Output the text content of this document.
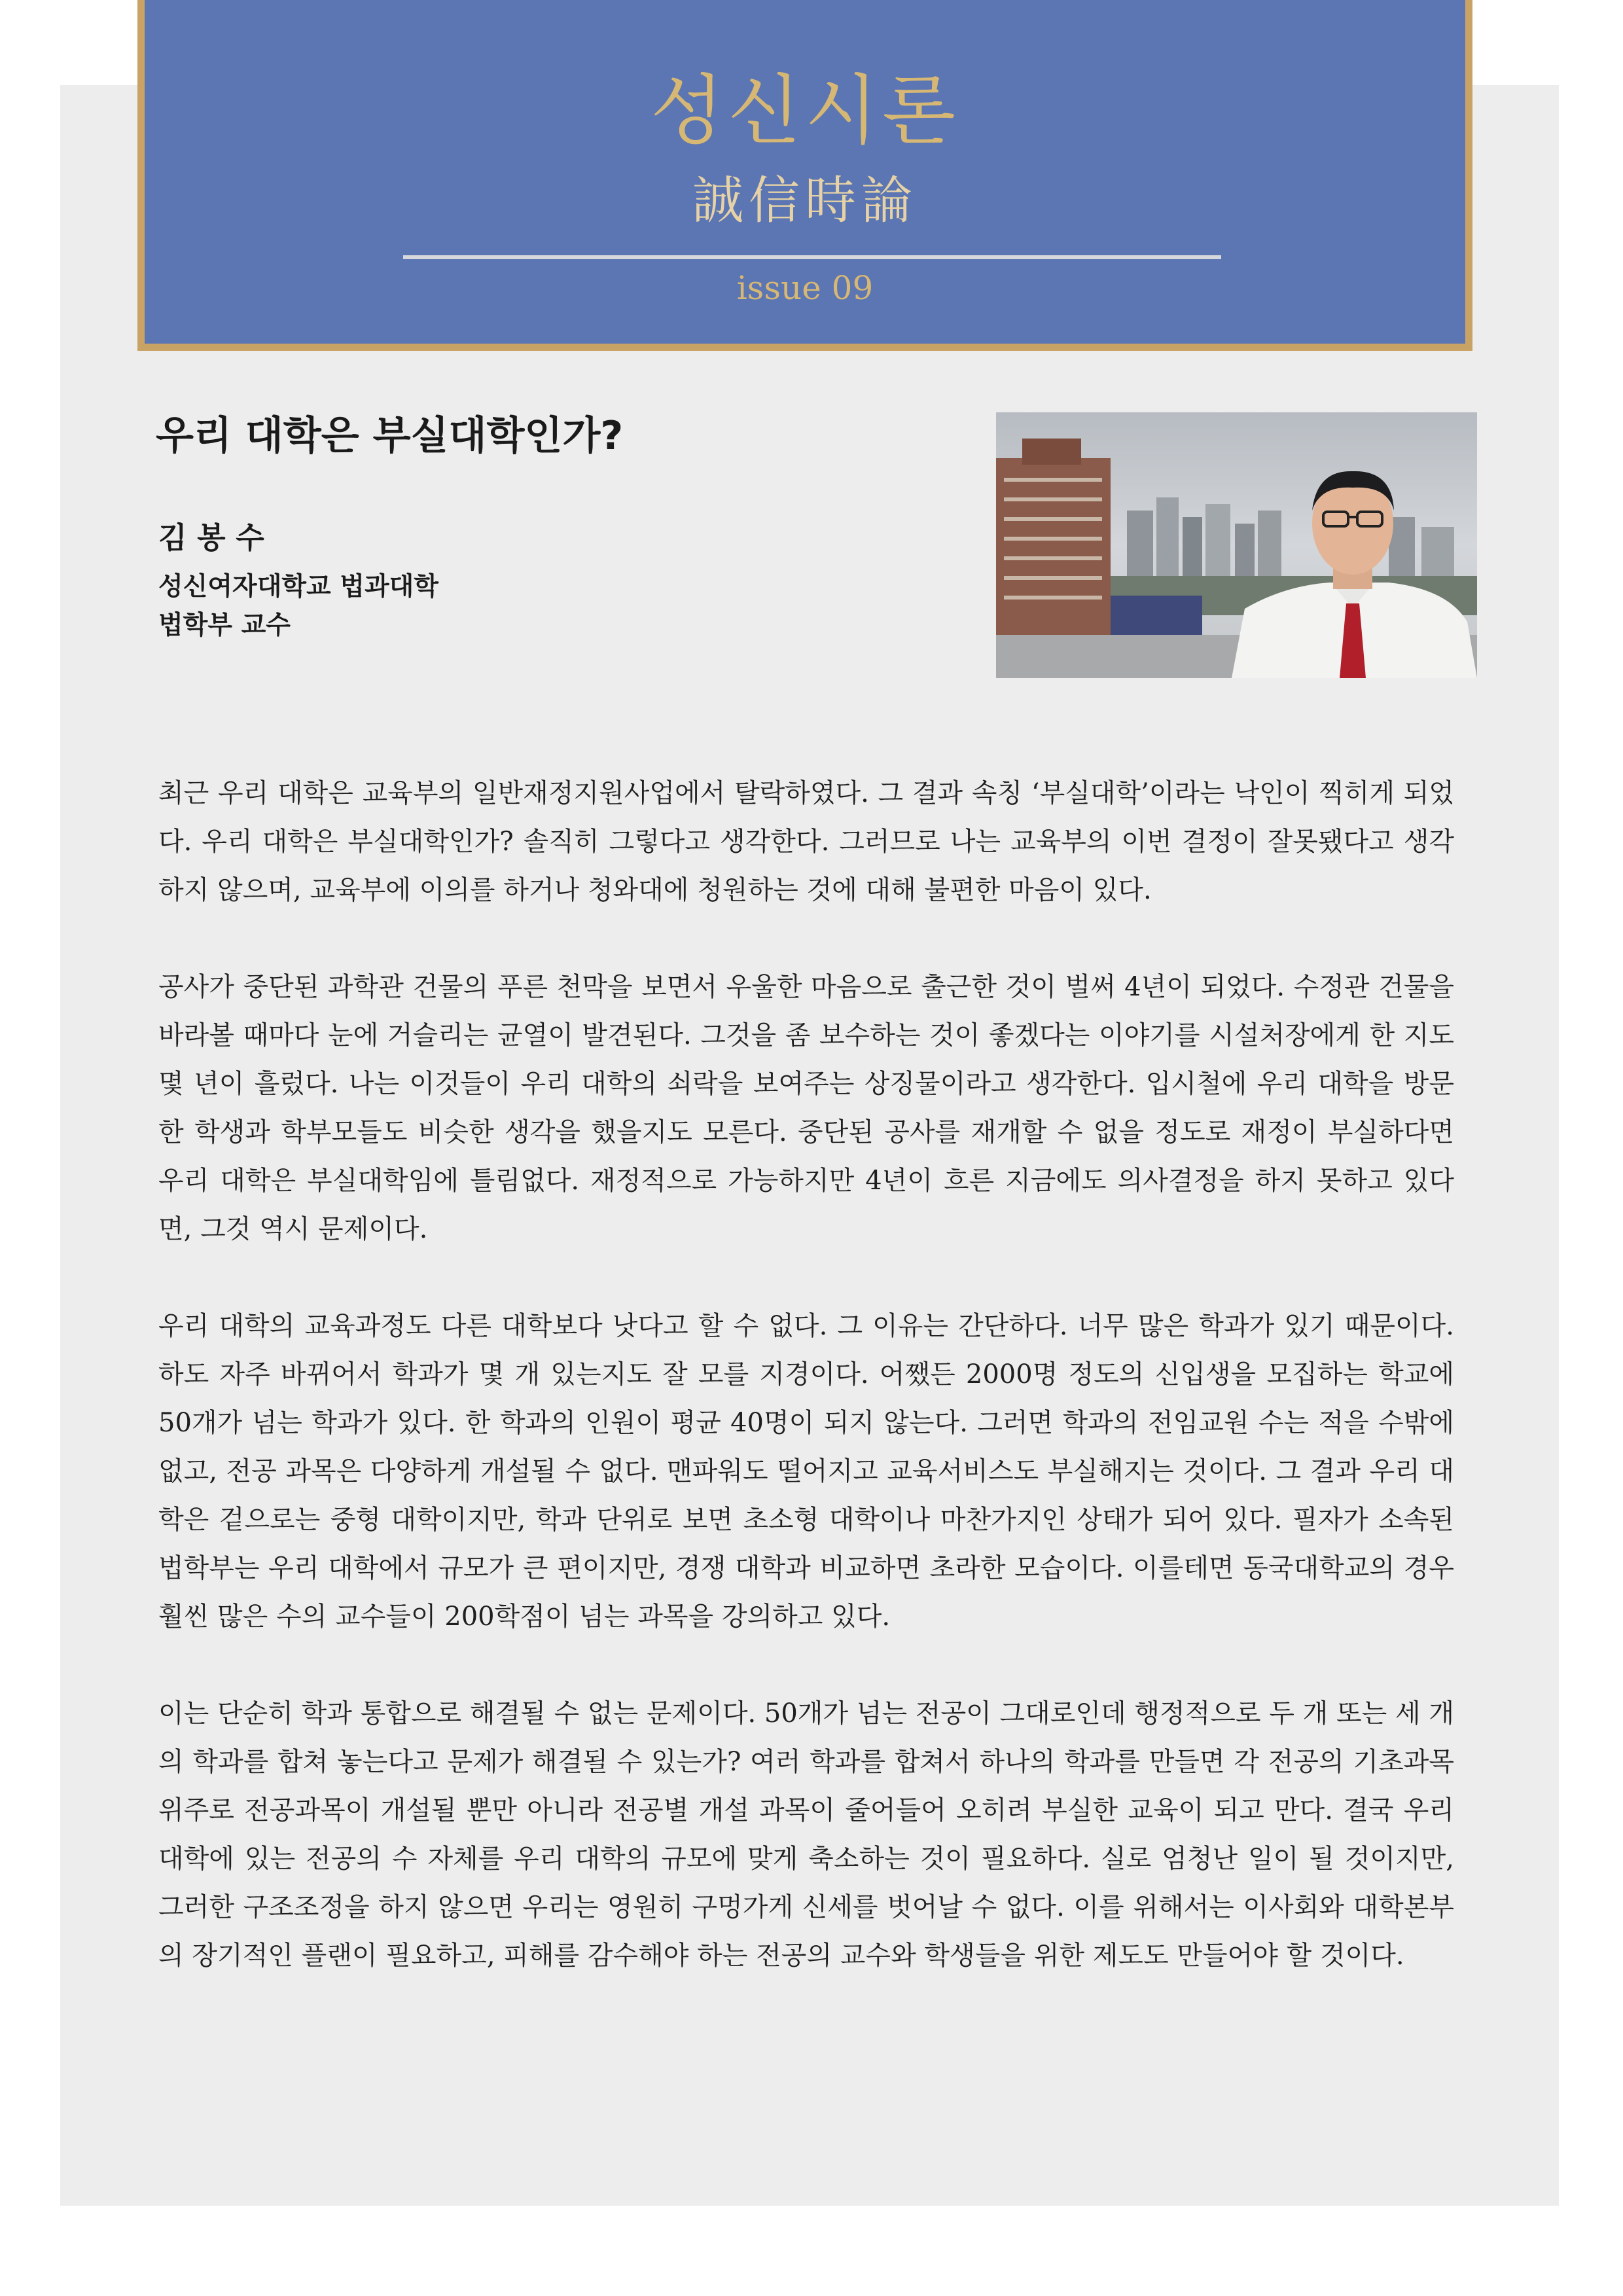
성신시론
誠信時論
issue 09
우리 대학은 부실대학인가?
김 봉 수
성신여자대학교 법과대학
법학부 교수

최근 우리 대학은 교육부의 일반재정지원사업에서 탈락하였다. 그 결과 속칭 ‘부실대학’이라는 낙인이 찍히게 되었다. 우리 대학은 부실대학인가? 솔직히 그렇다고 생각한다. 그러므로 나는 교육부의 이번 결정이 잘못됐다고 생각하지 않으며, 교육부에 이의를 하거나 청와대에 청원하는 것에 대해 불편한 마음이 있다.

공사가 중단된 과학관 건물의 푸른 천막을 보면서 우울한 마음으로 출근한 것이 벌써 4년이 되었다. 수정관 건물을 바라볼 때마다 눈에 거슬리는 균열이 발견된다. 그것을 좀 보수하는 것이 좋겠다는 이야기를 시설처장에게 한 지도 몇 년이 흘렀다. 나는 이것들이 우리 대학의 쇠락을 보여주는 상징물이라고 생각한다. 입시철에 우리 대학을 방문한 학생과 학부모들도 비슷한 생각을 했을지도 모른다. 중단된 공사를 재개할 수 없을 정도로 재정이 부실하다면 우리 대학은 부실대학임에 틀림없다. 재정적으로 가능하지만 4년이 흐른 지금에도 의사결정을 하지 못하고 있다면, 그것 역시 문제이다.

우리 대학의 교육과정도 다른 대학보다 낫다고 할 수 없다. 그 이유는 간단하다. 너무 많은 학과가 있기 때문이다. 하도 자주 바뀌어서 학과가 몇 개 있는지도 잘 모를 지경이다. 어쨌든 2000명 정도의 신입생을 모집하는 학교에 50개가 넘는 학과가 있다. 한 학과의 인원이 평균 40명이 되지 않는다. 그러면 학과의 전임교원 수는 적을 수밖에 없고, 전공 과목은 다양하게 개설될 수 없다. 맨파워도 떨어지고 교육서비스도 부실해지는 것이다. 그 결과 우리 대학은 겉으로는 중형 대학이지만, 학과 단위로 보면 초소형 대학이나 마찬가지인 상태가 되어 있다. 필자가 소속된 법학부는 우리 대학에서 규모가 큰 편이지만, 경쟁 대학과 비교하면 초라한 모습이다. 이를테면 동국대학교의 경우 훨씬 많은 수의 교수들이 200학점이 넘는 과목을 강의하고 있다.

이는 단순히 학과 통합으로 해결될 수 없는 문제이다. 50개가 넘는 전공이 그대로인데 행정적으로 두 개 또는 세 개의 학과를 합쳐 놓는다고 문제가 해결될 수 있는가? 여러 학과를 합쳐서 하나의 학과를 만들면 각 전공의 기초과목 위주로 전공과목이 개설될 뿐만 아니라 전공별 개설 과목이 줄어들어 오히려 부실한 교육이 되고 만다. 결국 우리 대학에 있는 전공의 수 자체를 우리 대학의 규모에 맞게 축소하는 것이 필요하다. 실로 엄청난 일이 될 것이지만, 그러한 구조조정을 하지 않으면 우리는 영원히 구멍가게 신세를 벗어날 수 없다. 이를 위해서는 이사회와 대학본부의 장기적인 플랜이 필요하고, 피해를 감수해야 하는 전공의 교수와 학생들을 위한 제도도 만들어야 할 것이다.
